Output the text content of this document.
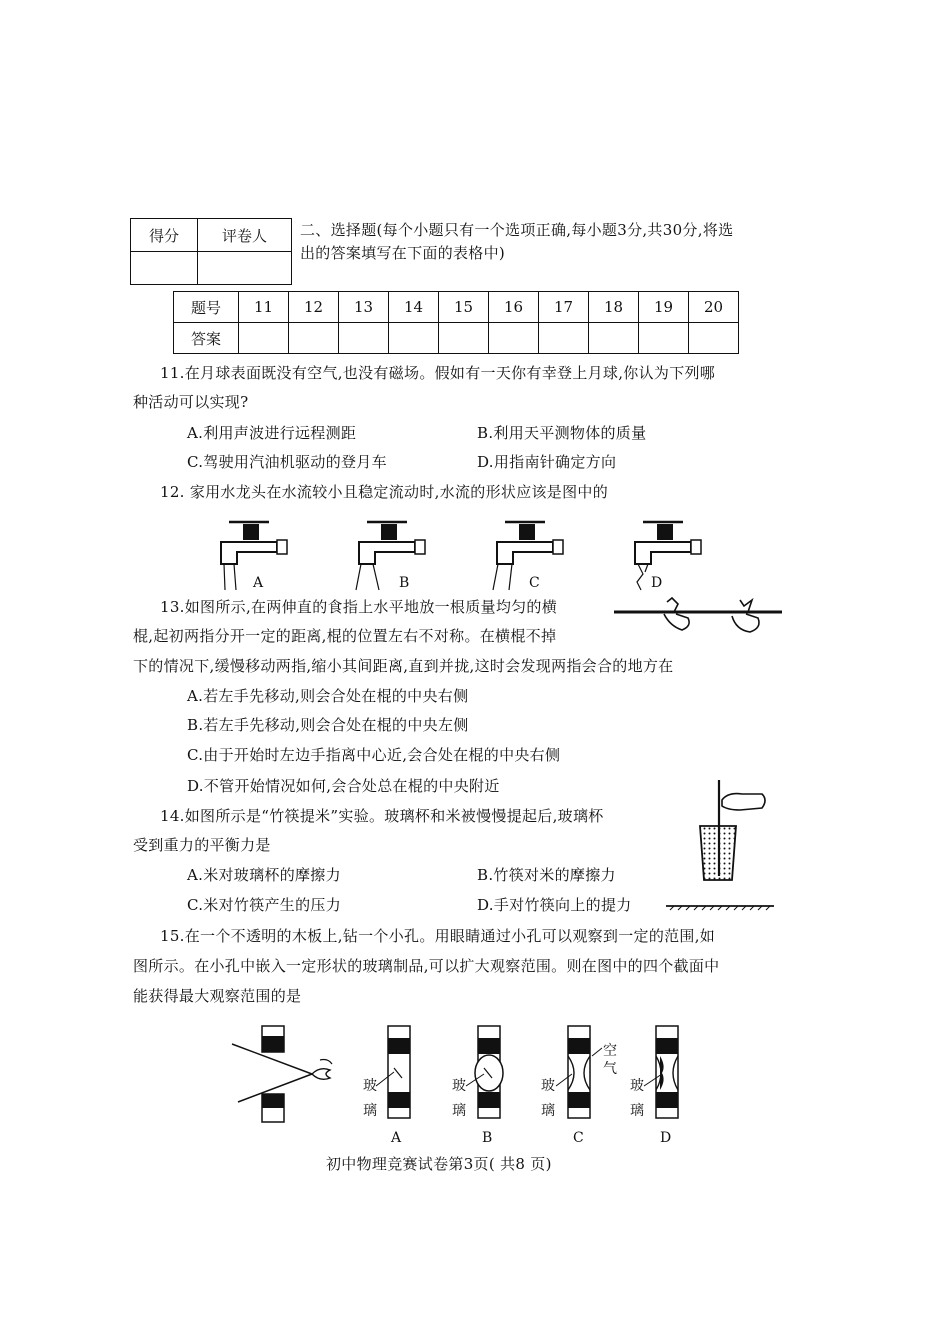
得分	评卷人
	二、选择题(每个小题只有一个选项正确,每小题3分,共30分,将选
出的答案填写在下面的表格中)
题号	11	12	13	14	15	16	17	18	19	20
答案										
11.在月球表面既没有空气,也没有磁场。假如有一天你有幸登上月球,你认为下列哪
种活动可以实现?
A.利用声波进行远程测距	B.利用天平测物体的质量
C.驾驶用汽油机驱动的登月车	D.用指南针确定方向
12. 家用水龙头在水流较小且稳定流动时,水流的形状应该是图中的
A	B	C	D
13.如图所示,在两伸直的食指上水平地放一根质量均匀的横
棍,起初两指分开一定的距离,棍的位置左右不对称。在横棍不掉
下的情况下,缓慢移动两指,缩小其间距离,直到并拢,这时会发现两指会合的地方在
A.若左手先移动,则会合处在棍的中央右侧
B.若左手先移动,则会合处在棍的中央左侧
C.由于开始时左边手指离中心近,会合处在棍的中央右侧
D.不管开始情况如何,会合处总在棍的中央附近
14.如图所示是“竹筷提米”实验。玻璃杯和米被慢慢提起后,玻璃杯
受到重力的平衡力是
A.米对玻璃杯的摩擦力	B.竹筷对米的摩擦力
C.米对竹筷产生的压力	D.手对竹筷向上的提力
15.在一个不透明的木板上,钻一个小孔。用眼睛通过小孔可以观察到一定的范围,如
图所示。在小孔中嵌入一定形状的玻璃制品,可以扩大观察范围。则在图中的四个截面中
能获得最大观察范围的是
玻
璃
玻
璃
玻
璃
空
气
玻
璃
A	B	C	D
初中物理竞赛试卷第3页( 共8 页)
